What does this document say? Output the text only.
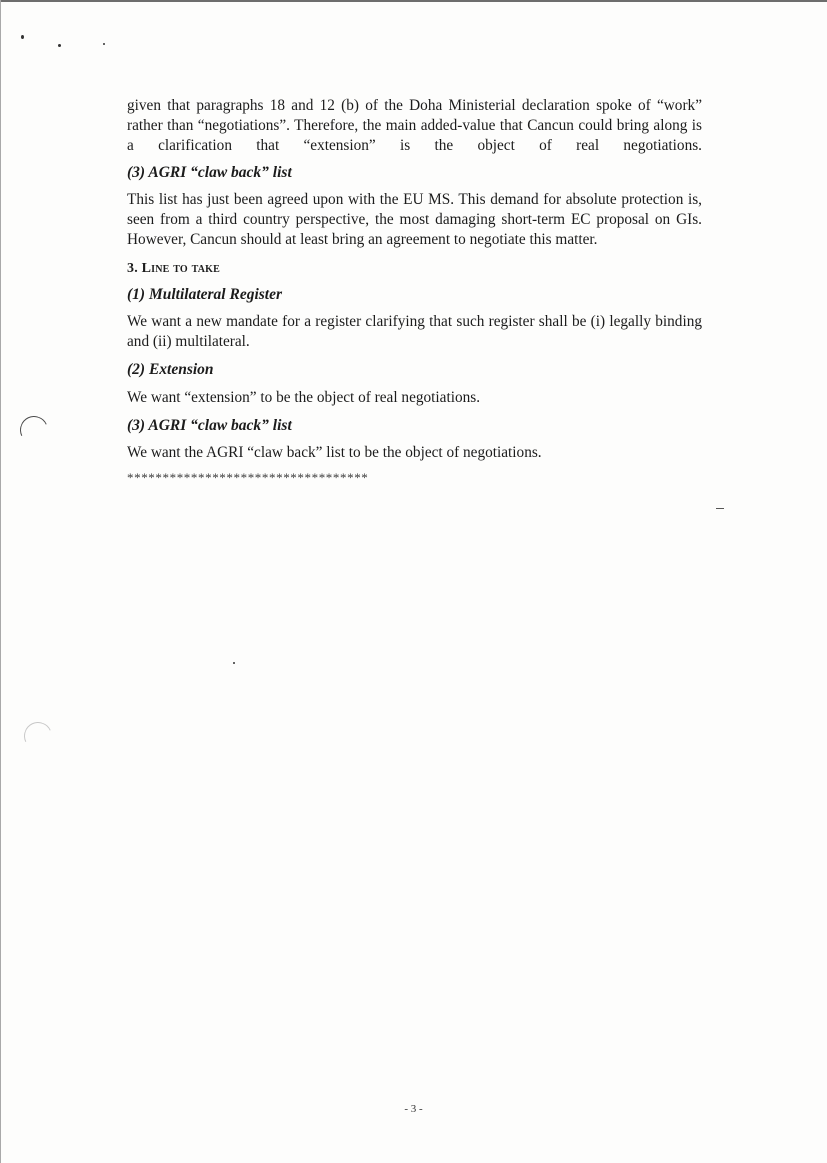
given that paragraphs 18 and 12 (b) of the Doha Ministerial declaration spoke of “work” rather than “negotiations”. Therefore, the main added-value that Cancun could bring along is a clarification that “extension” is the object of real negotiations.

(3) AGRI “claw back” list

This list has just been agreed upon with the EU MS. This demand for absolute protection is, seen from a third country perspective, the most damaging short-term EC proposal on GIs. However, Cancun should at least bring an agreement to negotiate this matter.

3. Line to take
(1) Multilateral Register

We want a new mandate for a register clarifying that such register shall be (i) legally binding and (ii) multilateral.

(2) Extension

We want “extension” to be the object of real negotiations.

(3) AGRI “claw back” list

We want the AGRI “claw back” list to be the object of negotiations.

**********************************

- 3 -
